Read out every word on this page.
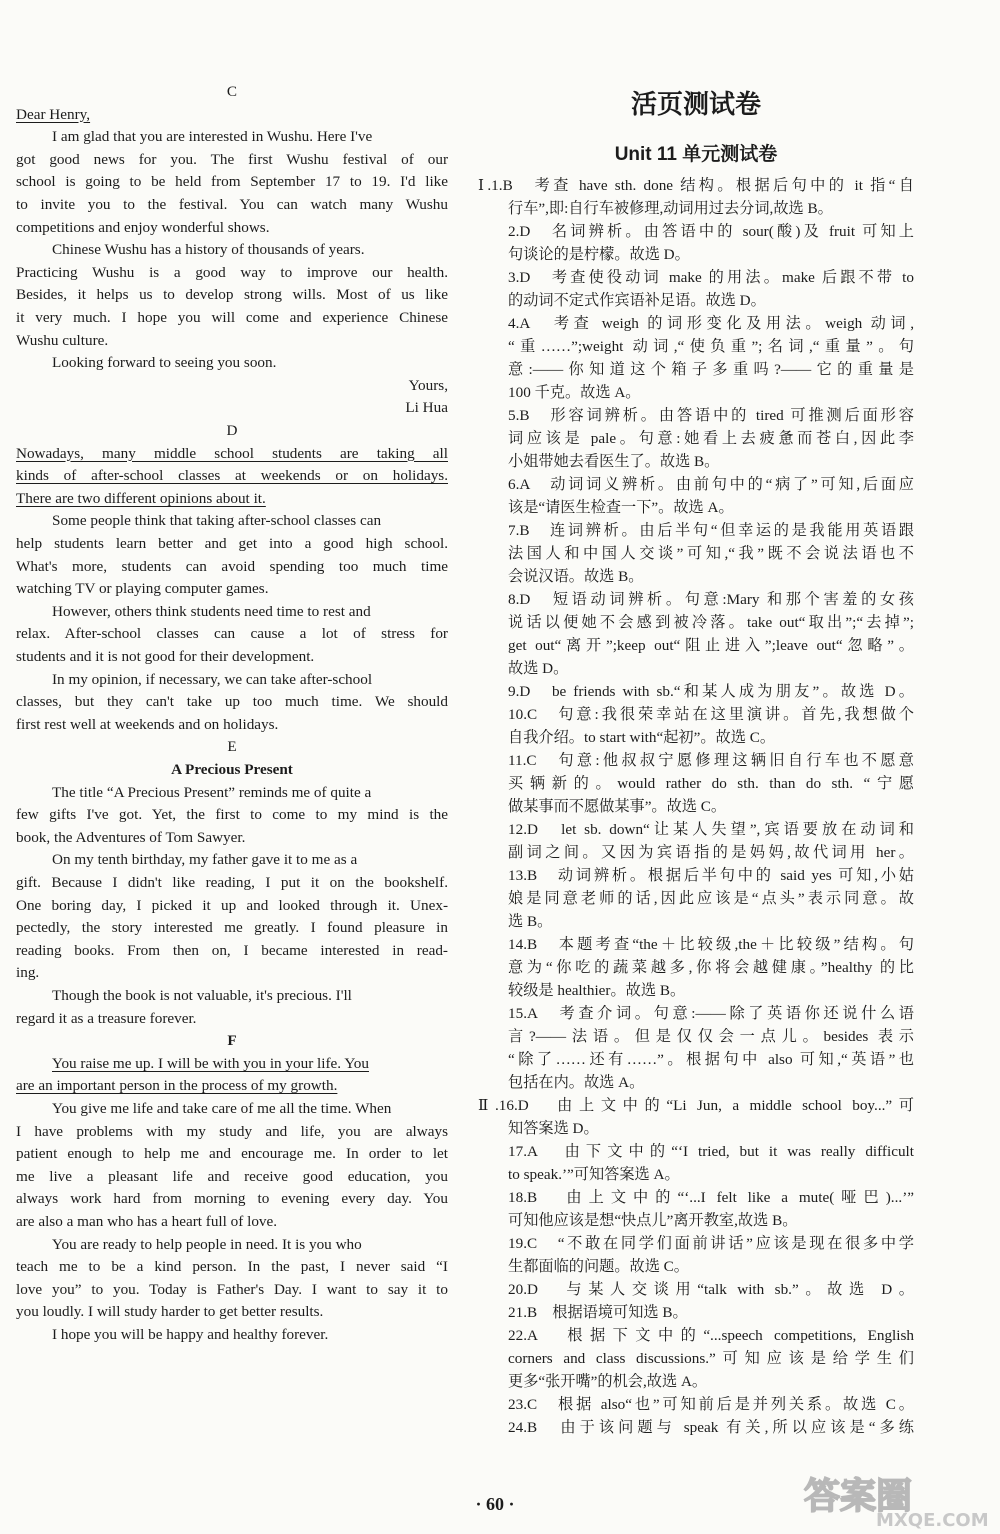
C
Dear Henry,
I am glad that you are interested in Wushu. Here I've
got good news for you. The first Wushu festival of our
school is going to be held from September 17 to 19. I'd like
to invite you to the festival. You can watch many Wushu
competitions and enjoy wonderful shows.
Chinese Wushu has a history of thousands of years.
Practicing Wushu is a good way to improve our health.
Besides, it helps us to develop strong wills. Most of us like
it very much. I hope you will come and experience Chinese
Wushu culture.
Looking forward to seeing you soon.
Yours,
Li Hua
D
Nowadays, many middle school students are taking all
kinds of after-school classes at weekends or on holidays.
There are two different opinions about it.
Some people think that taking after-school classes can
help students learn better and get into a good high school.
What's more, students can avoid spending too much time
watching TV or playing computer games.
However, others think students need time to rest and
relax. After-school classes can cause a lot of stress for
students and it is not good for their development.
In my opinion, if necessary, we can take after-school
classes, but they can't take up too much time. We should
first rest well at weekends and on holidays.
E
A Precious Present
The title “A Precious Present” reminds me of quite a
few gifts I've got. Yet, the first to come to my mind is the
book, the Adventures of Tom Sawyer.
On my tenth birthday, my father gave it to me as a
gift. Because I didn't like reading, I put it on the bookshelf.
One boring day, I picked it up and looked through it. Unex-
pectedly, the story interested me greatly. I found pleasure in
reading books. From then on, I became interested in read-
ing.
Though the book is not valuable, it's precious. I'll
regard it as a treasure forever.
F
You raise me up. I will be with you in your life. You
are an important person in the process of my growth.
You give me life and take care of me all the time. When
I have problems with my study and life, you are always
patient enough to help me and encourage me. In order to let
me live a pleasant life and receive good education, you
always work hard from morning to evening every day. You
are also a man who has a heart full of love.
You are ready to help people in need. It is you who
teach me to be a kind person. In the past, I never said “I
love you” to you. Today is Father's Day. I want to say it to
you loudly. I will study harder to get better results.
I hope you will be happy and healthy forever.
活页测试卷
Unit 11 单元测试卷
Ⅰ.1.B　考查 have sth. done 结构。根据后句中的 it 指“自
行车”,即:自行车被修理,动词用过去分词,故选 B。
2.D　名词辨析。由答语中的 sour(酸)及 fruit 可知上
句谈论的是柠檬。故选 D。
3.D　考查使役动词 make 的用法。make 后跟不带 to
的动词不定式作宾语补足语。故选 D。
4.A　考查 weigh 的词形变化及用法。weigh 动词,
“重……”;weight 动词,“使负重”;名词,“重量”。句
意:——你知道这个箱子多重吗?——它的重量是
100 千克。故选 A。
5.B　形容词辨析。由答语中的 tired 可推测后面形容
词应该是 pale。句意:她看上去疲惫而苍白,因此李
小姐带她去看医生了。故选 B。
6.A　动词词义辨析。由前句中的“病了”可知,后面应
该是“请医生检查一下”。故选 A。
7.B　连词辨析。由后半句“但幸运的是我能用英语跟
法国人和中国人交谈”可知,“我”既不会说法语也不
会说汉语。故选 B。
8.D　短语动词辨析。句意:Mary 和那个害羞的女孩
说话以便她不会感到被冷落。take out“取出”;“去掉”;
get out“离开”;keep out“阻止进入”;leave out“忽略”。
故选 D。
9.D　be friends with sb.“和某人成为朋友”。故选 D。
10.C　句意:我很荣幸站在这里演讲。首先,我想做个
自我介绍。to start with“起初”。故选 C。
11.C　句意:他叔叔宁愿修理这辆旧自行车也不愿意
买辆新的。would rather do sth. than do sth. “宁愿
做某事而不愿做某事”。故选 C。
12.D　let sb. down“让某人失望”,宾语要放在动词和
副词之间。又因为宾语指的是妈妈,故代词用 her。
13.B　动词辨析。根据后半句中的 said yes 可知,小姑
娘是同意老师的话,因此应该是“点头”表示同意。故
选 B。
14.B　本题考查“the＋比较级,the＋比较级”结构。句
意为“你吃的蔬菜越多,你将会越健康。”healthy 的比
较级是 healthier。故选 B。
15.A　考查介词。句意:——除了英语你还说什么语
言?——法语。但是仅仅会一点儿。besides 表示
“除了……还有……”。根据句中 also 可知,“英语”也
包括在内。故选 A。
Ⅱ.16.D　由上文中的“Li Jun, a middle school boy...”可
知答案选 D。
17.A　由下文中的“‘I tried, but it was really difficult
to speak.’”可知答案选 A。
18.B　由上文中的“‘...I felt like a mute(哑巴)...’”
可知他应该是想“快点儿”离开教室,故选 B。
19.C　“不敢在同学们面前讲话”应该是现在很多中学
生都面临的问题。故选 C。
20.D　与某人交谈用“talk with sb.”。故选 D。
21.B　根据语境可知选 B。
22.A　根据下文中的“...speech competitions, English
corners and class discussions.”可知应该是给学生们
更多“张开嘴”的机会,故选 A。
23.C　根据 also“也”可知前后是并列关系。故选 C。
24.B　由于该问题与 speak 有关,所以应该是“多练
· 60 ·	答案圈
MXQE.COM
